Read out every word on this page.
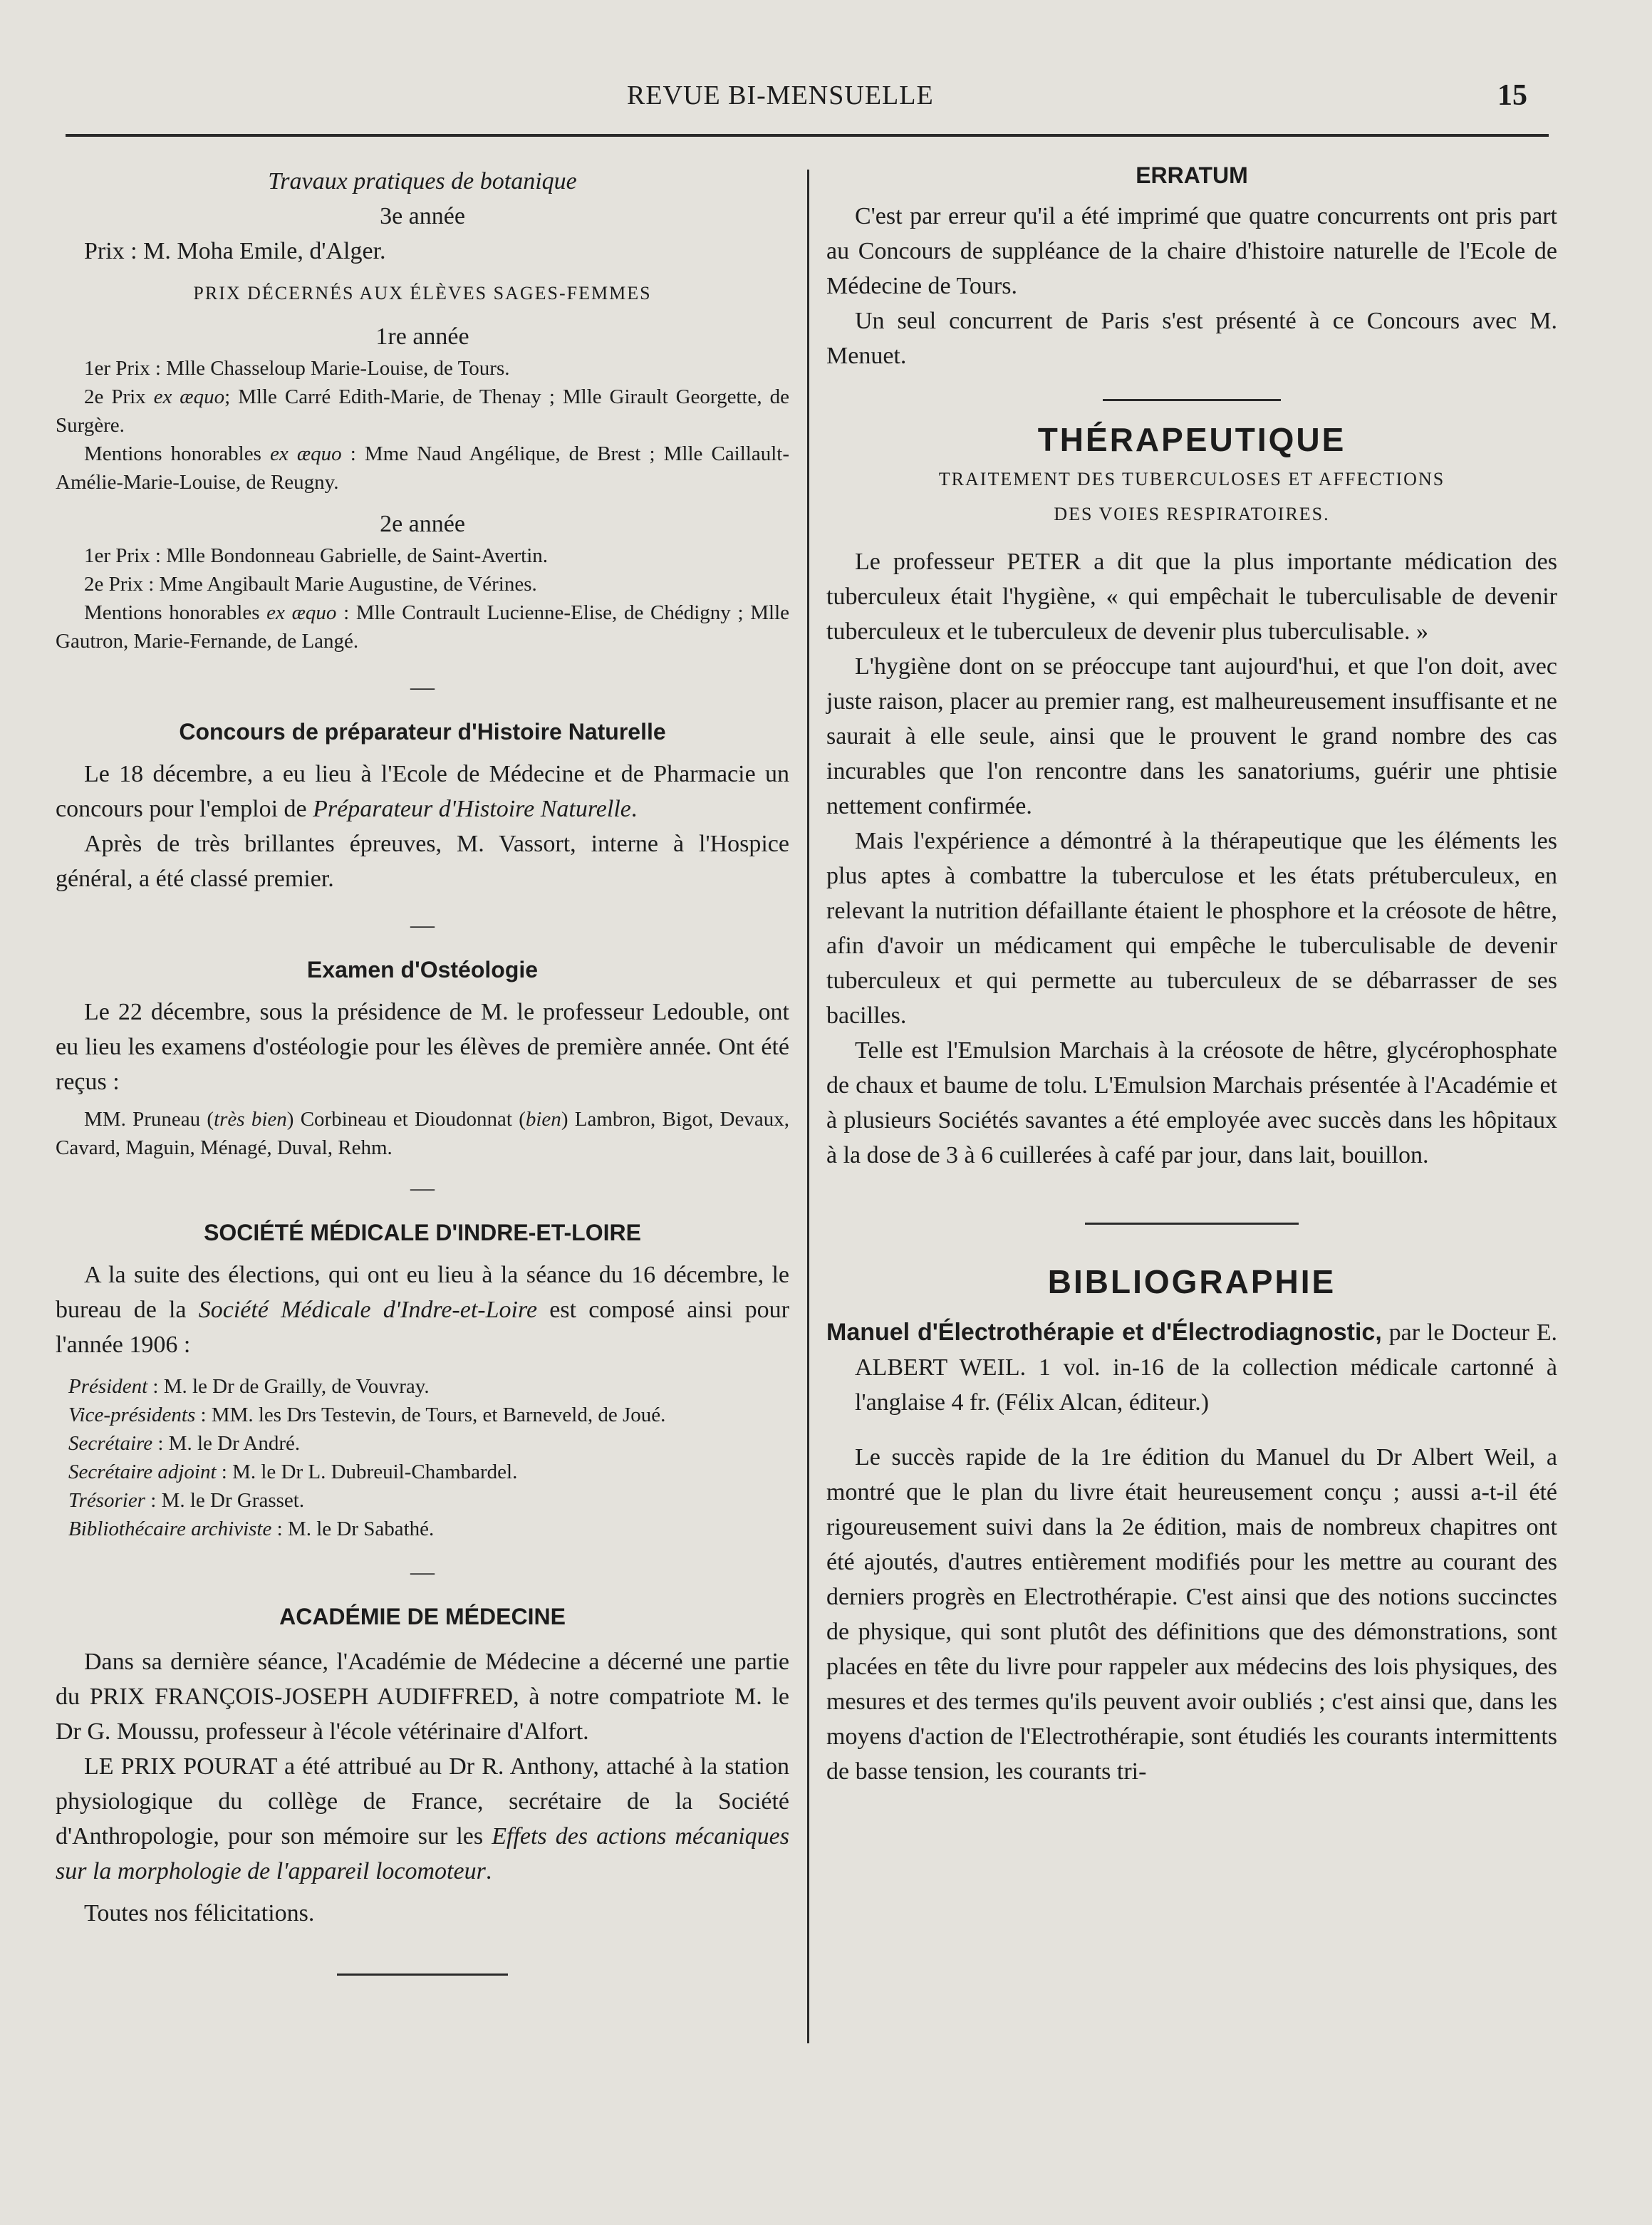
REVUE BI-MENSUELLE	15

Travaux pratiques de botanique

3e année

Prix : M. Moha Emile, d'Alger.

PRIX DÉCERNÉS AUX ÉLÈVES SAGES-FEMMES

1re année

1er Prix : Mlle Chasseloup Marie-Louise, de Tours.

2e Prix ex æquo; Mlle Carré Edith-Marie, de Thenay ; Mlle Girault Georgette, de Surgère.

Mentions honorables ex æquo : Mme Naud Angélique, de Brest ; Mlle Caillault-Amélie-Marie-Louise, de Reugny.

2e année

1er Prix : Mlle Bondonneau Gabrielle, de Saint-Avertin.

2e Prix : Mme Angibault Marie Augustine, de Vérines.

Mentions honorables ex æquo : Mlle Contrault Lucienne-Elise, de Chédigny ; Mlle Gautron, Marie-Fernande, de Langé.

—

Concours de préparateur d'Histoire Naturelle

Le 18 décembre, a eu lieu à l'Ecole de Médecine et de Pharmacie un concours pour l'emploi de Préparateur d'Histoire Naturelle.

Après de très brillantes épreuves, M. Vassort, interne à l'Hospice général, a été classé premier.

—

Examen d'Ostéologie

Le 22 décembre, sous la présidence de M. le professeur Ledouble, ont eu lieu les examens d'ostéologie pour les élèves de première année. Ont été reçus :

MM. Pruneau (très bien) Corbineau et Dioudonnat (bien) Lambron, Bigot, Devaux, Cavard, Maguin, Ménagé, Duval, Rehm.

—

SOCIÉTÉ MÉDICALE D'INDRE-ET-LOIRE

A la suite des élections, qui ont eu lieu à la séance du 16 décembre, le bureau de la Société Médicale d'Indre-et-Loire est composé ainsi pour l'année 1906 :

Président : M. le Dr de Grailly, de Vouvray.

Vice-présidents : MM. les Drs Testevin, de Tours, et Barneveld, de Joué.

Secrétaire : M. le Dr André.

Secrétaire adjoint : M. le Dr L. Dubreuil-Chambardel.

Trésorier : M. le Dr Grasset.

Bibliothécaire archiviste : M. le Dr Sabathé.

—

ACADÉMIE DE MÉDECINE

Dans sa dernière séance, l'Académie de Médecine a décerné une partie du PRIX FRANÇOIS-JOSEPH AUDIFFRED, à notre compatriote M. le Dr G. Moussu, professeur à l'école vétérinaire d'Alfort.

LE PRIX POURAT a été attribué au Dr R. Anthony, attaché à la station physiologique du collège de France, secrétaire de la Société d'Anthropologie, pour son mémoire sur les Effets des actions mécaniques sur la morphologie de l'appareil locomoteur.

Toutes nos félicitations.

ERRATUM

C'est par erreur qu'il a été imprimé que quatre concurrents ont pris part au Concours de suppléance de la chaire d'histoire naturelle de l'Ecole de Médecine de Tours.

Un seul concurrent de Paris s'est présenté à ce Concours avec M. Menuet.

THÉRAPEUTIQUE

TRAITEMENT DES TUBERCULOSES ET AFFECTIONS

DES VOIES RESPIRATOIRES.

Le professeur PETER a dit que la plus importante médication des tuberculeux était l'hygiène, « qui empêchait le tuberculisable de devenir tuberculeux et le tuberculeux de devenir plus tuberculisable. »

L'hygiène dont on se préoccupe tant aujourd'hui, et que l'on doit, avec juste raison, placer au premier rang, est malheureusement insuffisante et ne saurait à elle seule, ainsi que le prouvent le grand nombre des cas incurables que l'on rencontre dans les sanatoriums, guérir une phtisie nettement confirmée.

Mais l'expérience a démontré à la thérapeutique que les éléments les plus aptes à combattre la tuberculose et les états prétuberculeux, en relevant la nutrition défaillante étaient le phosphore et la créosote de hêtre, afin d'avoir un médicament qui empêche le tuberculisable de devenir tuberculeux et qui permette au tuberculeux de se débarrasser de ses bacilles.

Telle est l'Emulsion Marchais à la créosote de hêtre, glycérophosphate de chaux et baume de tolu. L'Emulsion Marchais présentée à l'Académie et à plusieurs Sociétés savantes a été employée avec succès dans les hôpitaux à la dose de 3 à 6 cuillerées à café par jour, dans lait, bouillon.

BIBLIOGRAPHIE

Manuel d'Électrothérapie et d'Électrodiagnostic, par le Docteur E. ALBERT WEIL. 1 vol. in-16 de la collection médicale cartonné à l'anglaise 4 fr. (Félix Alcan, éditeur.)

Le succès rapide de la 1re édition du Manuel du Dr Albert Weil, a montré que le plan du livre était heureusement conçu ; aussi a-t-il été rigoureusement suivi dans la 2e édition, mais de nombreux chapitres ont été ajoutés, d'autres entièrement modifiés pour les mettre au courant des derniers progrès en Electrothérapie. C'est ainsi que des notions succinctes de physique, qui sont plutôt des définitions que des démonstrations, sont placées en tête du livre pour rappeler aux médecins des lois physiques, des mesures et des termes qu'ils peuvent avoir oubliés ; c'est ainsi que, dans les moyens d'action de l'Electrothérapie, sont étudiés les courants intermittents de basse tension, les courants tri-
